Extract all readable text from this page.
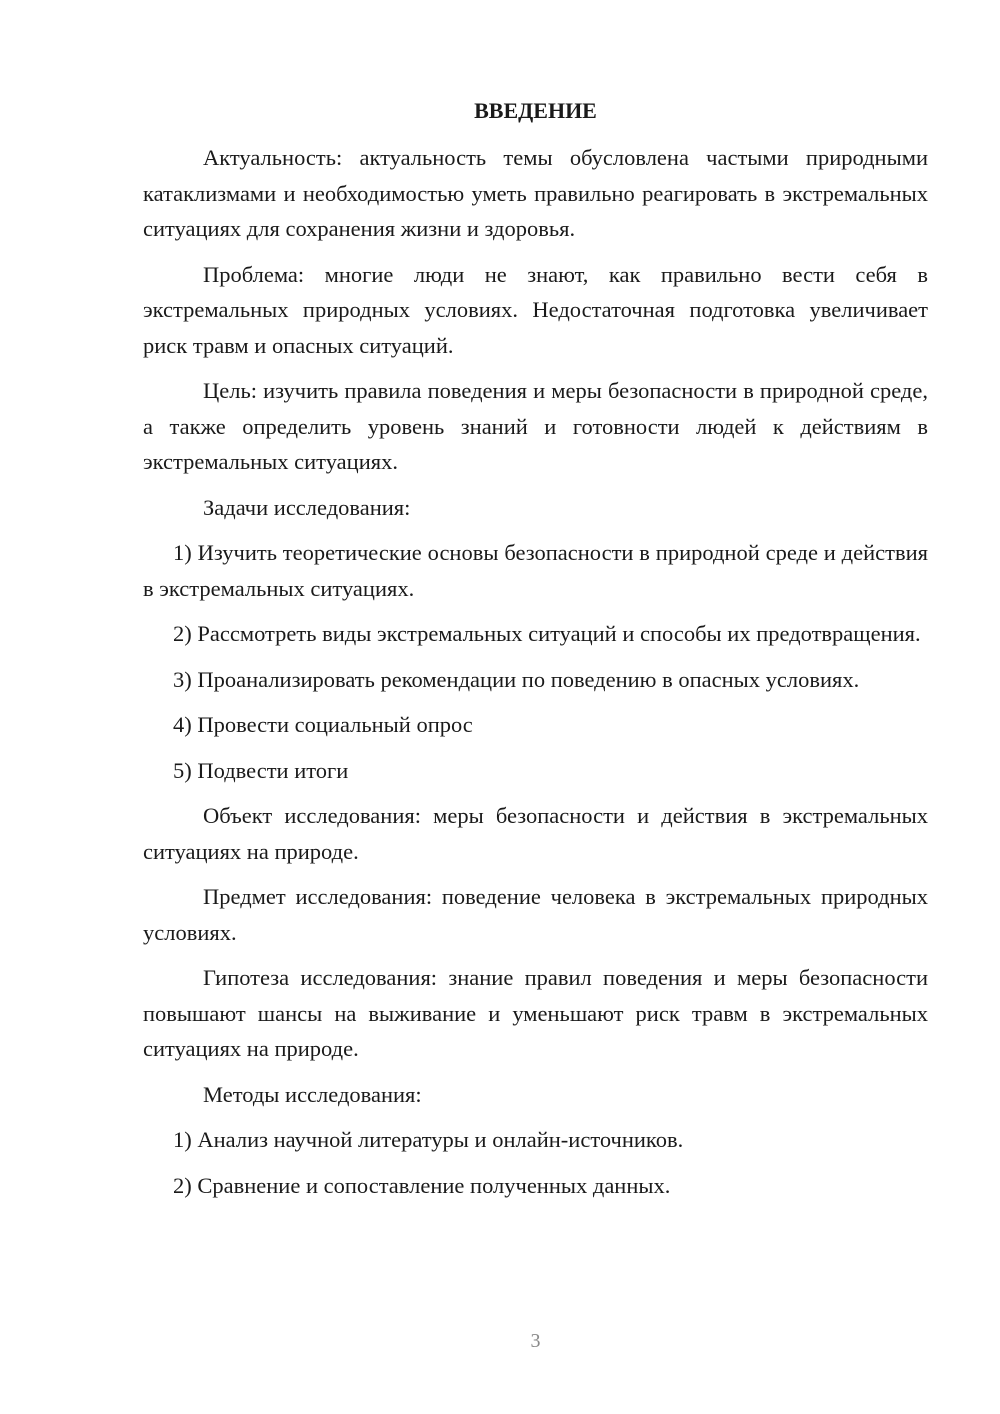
ВВЕДЕНИЕ

Актуальность: актуальность темы обусловлена частыми природными катаклизмами и необходимостью уметь правильно реагировать в экстремальных ситуациях для сохранения жизни и здоровья.

Проблема: многие люди не знают, как правильно вести себя в экстремальных природных условиях. Недостаточная подготовка увеличивает риск травм и опасных ситуаций.

Цель: изучить правила поведения и меры безопасности в природной среде, а также определить уровень знаний и готовности людей к действиям в экстремальных ситуациях.

Задачи исследования:

1) Изучить теоретические основы безопасности в природной среде и действия в экстремальных ситуациях.

2) Рассмотреть виды экстремальных ситуаций и способы их предотвращения.

3) Проанализировать рекомендации по поведению в опасных условиях.

4) Провести социальный опрос

5) Подвести итоги

Объект исследования: меры безопасности и действия в экстремальных ситуациях на природе.

Предмет исследования: поведение человека в экстремальных природных условиях.

Гипотеза исследования: знание правил поведения и меры безопасности повышают шансы на выживание и уменьшают риск травм в экстремальных ситуациях на природе.

Методы исследования:

1) Анализ научной литературы и онлайн-источников.

2) Сравнение и сопоставление полученных данных.

3
